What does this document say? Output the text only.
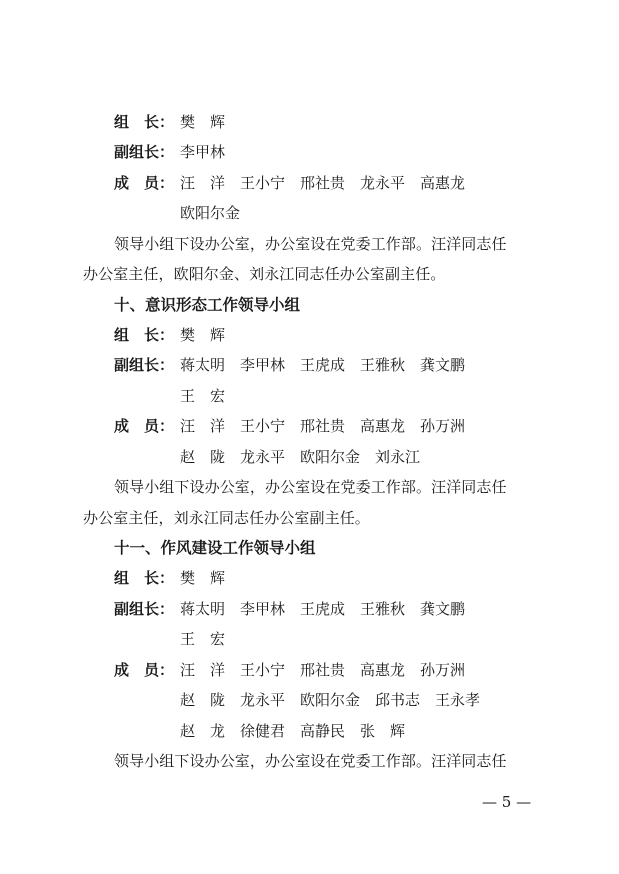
组　长： 樊　辉
副组长： 李甲林
成　员： 汪　洋　王小宁　邢社贵　龙永平　高惠龙
欧阳尔金
领导小组下设办公室，办公室设在党委工作部。汪洋同志任
办公室主任，欧阳尔金、刘永江同志任办公室副主任。
十、意识形态工作领导小组
组　长： 樊　辉
副组长： 蒋太明　李甲林　王虎成　王雅秋　龚文鹏
王　宏
成　员： 汪　洋　王小宁　邢社贵　高惠龙　孙万洲
赵　陇　龙永平　欧阳尔金　刘永江
领导小组下设办公室，办公室设在党委工作部。汪洋同志任
办公室主任，刘永江同志任办公室副主任。
十一、作风建设工作领导小组
组　长： 樊　辉
副组长： 蒋太明　李甲林　王虎成　王雅秋　龚文鹏
王　宏
成　员： 汪　洋　王小宁　邢社贵　高惠龙　孙万洲
赵　陇　龙永平　欧阳尔金　邱书志　王永孝
赵　龙　徐健君　高静民　张　辉
领导小组下设办公室，办公室设在党委工作部。汪洋同志任
— 5 —
